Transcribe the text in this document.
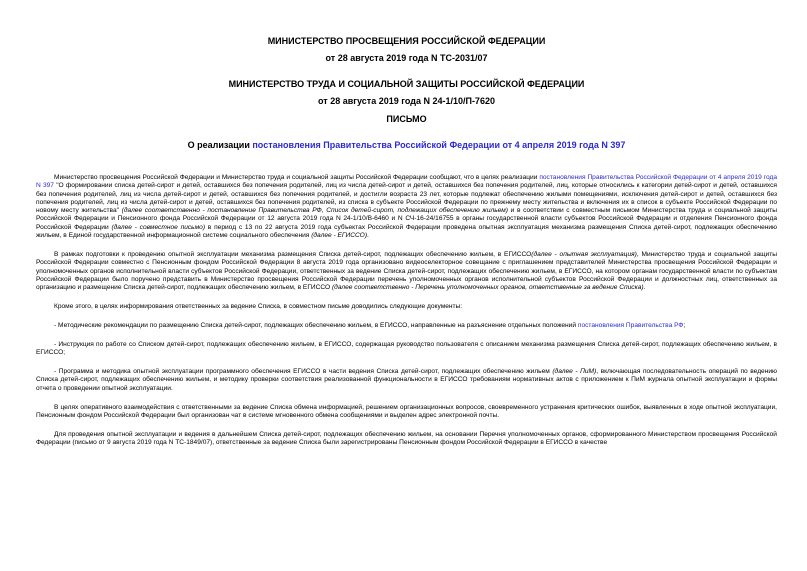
МИНИСТЕРСТВО ПРОСВЕЩЕНИЯ РОССИЙСКОЙ ФЕДЕРАЦИИ
от 28 августа 2019 года N ТС-2031/07
МИНИСТЕРСТВО ТРУДА И СОЦИАЛЬНОЙ ЗАЩИТЫ РОССИЙСКОЙ ФЕДЕРАЦИИ
от 28 августа 2019 года N 24-1/10/П-7620
ПИСЬМО
О реализации постановления Правительства Российской Федерации от 4 апреля 2019 года N 397

Министерство просвещения Российской Федерации и Министерство труда и социальной защиты Российской Федерации сообщают, что в целях реализации постановления Правительства Российской Федерации от 4 апреля 2019 года N 397 "О формировании списка детей-сирот и детей, оставшихся без попечения родителей, лиц из числа детей-сирот и детей, оставшихся без попечения родителей, лиц, которые относились к категории детей-сирот и детей, оставшихся без попечения родителей, лиц из числа детей-сирот и детей, оставшихся без попечения родителей, и достигли возраста 23 лет, которые подлежат обеспечению жилыми помещениями, исключения детей-сирот и детей, оставшихся без попечения родителей, лиц из числа детей-сирот и детей, оставшихся без попечения родителей, из списка в субъекте Российской Федерации по прежнему месту жительства и включения их в список в субъекте Российской Федерации по новому месту жительства" (далее соответственно - постановление Правительства РФ, Список детей-сирот, подлежащих обеспечению жильем) и в соответствии с совместным письмом Министерства труда и социальной защиты Российской Федерации и Пенсионного фонда Российской Федерации от 12 августа 2019 года N 24-1/10/В-6460 и N СЧ-16-24/16755 в органы государственной власти субъектов Российской Федерации и отделения Пенсионного фонда Российской Федерации (далее - совместное письмо) в период с 13 по 22 августа 2019 года субъектах Российской Федерации проведена опытная эксплуатация механизма размещения Списка детей-сирот, подлежащих обеспечению жильем, в Единой государственной информационной системе социального обеспечения (далее - ЕГИССО).

В рамках подготовки к проведению опытной эксплуатации механизма размещения Списка детей-сирот, подлежащих обеспечению жильем, в ЕГИССО(далее - опытная эксплуатация), Министерство труда и социальной защиты Российской Федерации совместно с Пенсионным фондом Российской Федерации 8 августа 2019 года организовано видеоселекторное совещание с приглашением представителей Министерства просвещения Российской Федерации и уполномоченных органов исполнительной власти субъектов Российской Федерации, ответственных за ведение Списка детей-сирот, подлежащих обеспечению жильем, в ЕГИССО, на котором органам государственной власти по субъектам Российской Федерации было поручено представить в Министерство просвещения Российской Федерации перечень уполномоченных органов исполнительной субъектов Российской Федерации и должностных лиц, ответственных за организацию и размещение Списка детей-сирот, подлежащих обеспечению жильем, в ЕГИССО (далее соответственно - Перечень уполномоченных органов, ответственные за ведение Списка).

Кроме этого, в целях информирования ответственных за ведение Списка, в совместном письме доводились следующие документы:

- Методические рекомендации по размещению Списка детей-сирот, подлежащих обеспечению жильем, в ЕГИССО, направленные на разъяснение отдельных положений постановления Правительства РФ;

- Инструкция по работе со Списком детей-сирот, подлежащих обеспечению жильем, в ЕГИССО, содержащая руководство пользователя с описанием механизма размещения Списка детей-сирот, подлежащих обеспечению жильем, в ЕГИССО;

- Программа и методика опытной эксплуатации программного обеспечения ЕГИССО в части ведения Списка детей-сирот, подлежащих обеспечению жильем (далее - ПиМ), включающая последовательность операций по ведению Списка детей-сирот, подлежащих обеспечению жильем, и методику проверки соответствия реализованной функциональности в ЕГИССО требованиям нормативных актов с приложением к ПиМ журнала опытной эксплуатации и формы отчета о проведении опытной эксплуатации.

В целях оперативного взаимодействия с ответственными за ведение Списка обмена информацией, решением организационных вопросов, своевременного устранения критических ошибок, выявленных в ходе опытной эксплуатации, Пенсионным фондом Российской Федерации был организован чат в системе мгновенного обмена сообщениями и выделен адрес электронной почты.

Для проведения опытной эксплуатации и ведения в дальнейшем Списка детей-сирот, подлежащих обеспечению жильем, на основании Перечня уполномоченных органов, сформированного Министерством просвещения Российской Федерации (письмо от 9 августа 2019 года N ТС-1849/07), ответственные за ведение Списка были зарегистрированы Пенсионным фондом Российской Федерации в ЕГИССО в качестве
